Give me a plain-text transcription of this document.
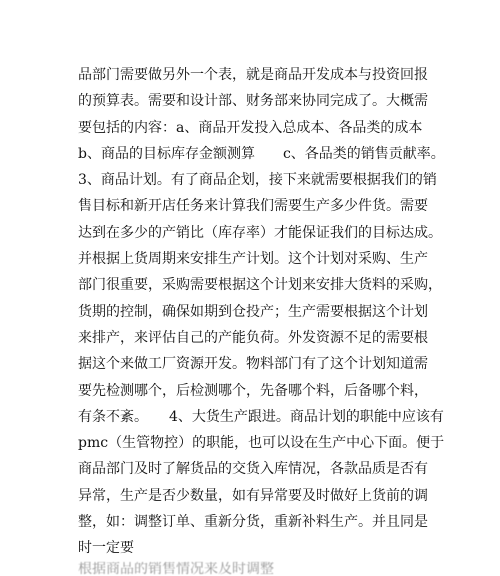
品部门需要做另外一个表，就是商品开发成本与投资回报
的预算表。需要和设计部、财务部来协同完成了。大概需
要包括的内容：a、商品开发投入总成本、各品类的成本
b、商品的目标库存金额测算　　c、各品类的销售贡献率。
3、商品计划。有了商品企划，接下来就需要根据我们的销
售目标和新开店任务来计算我们需要生产多少件货。需要
达到在多少的产销比（库存率）才能保证我们的目标达成。
并根据上货周期来安排生产计划。这个计划对采购、生产
部门很重要，采购需要根据这个计划来安排大货料的采购，
货期的控制，确保如期到仓投产；生产需要根据这个计划
来排产，来评估自己的产能负荷。外发资源不足的需要根
据这个来做工厂资源开发。物料部门有了这个计划知道需
要先检测哪个，后检测哪个，先备哪个料，后备哪个料，
有条不紊。　　4、大货生产跟进。商品计划的职能中应该有
pmc（生管物控）的职能，也可以设在生产中心下面。便于
商品部门及时了解货品的交货入库情况，各款品质是否有
异常，生产是否少数量，如有异常要及时做好上货前的调
整，如：调整订单、重新分货，重新补料生产。并且同是
时一定要
根据商品的销售情况来及时调整
